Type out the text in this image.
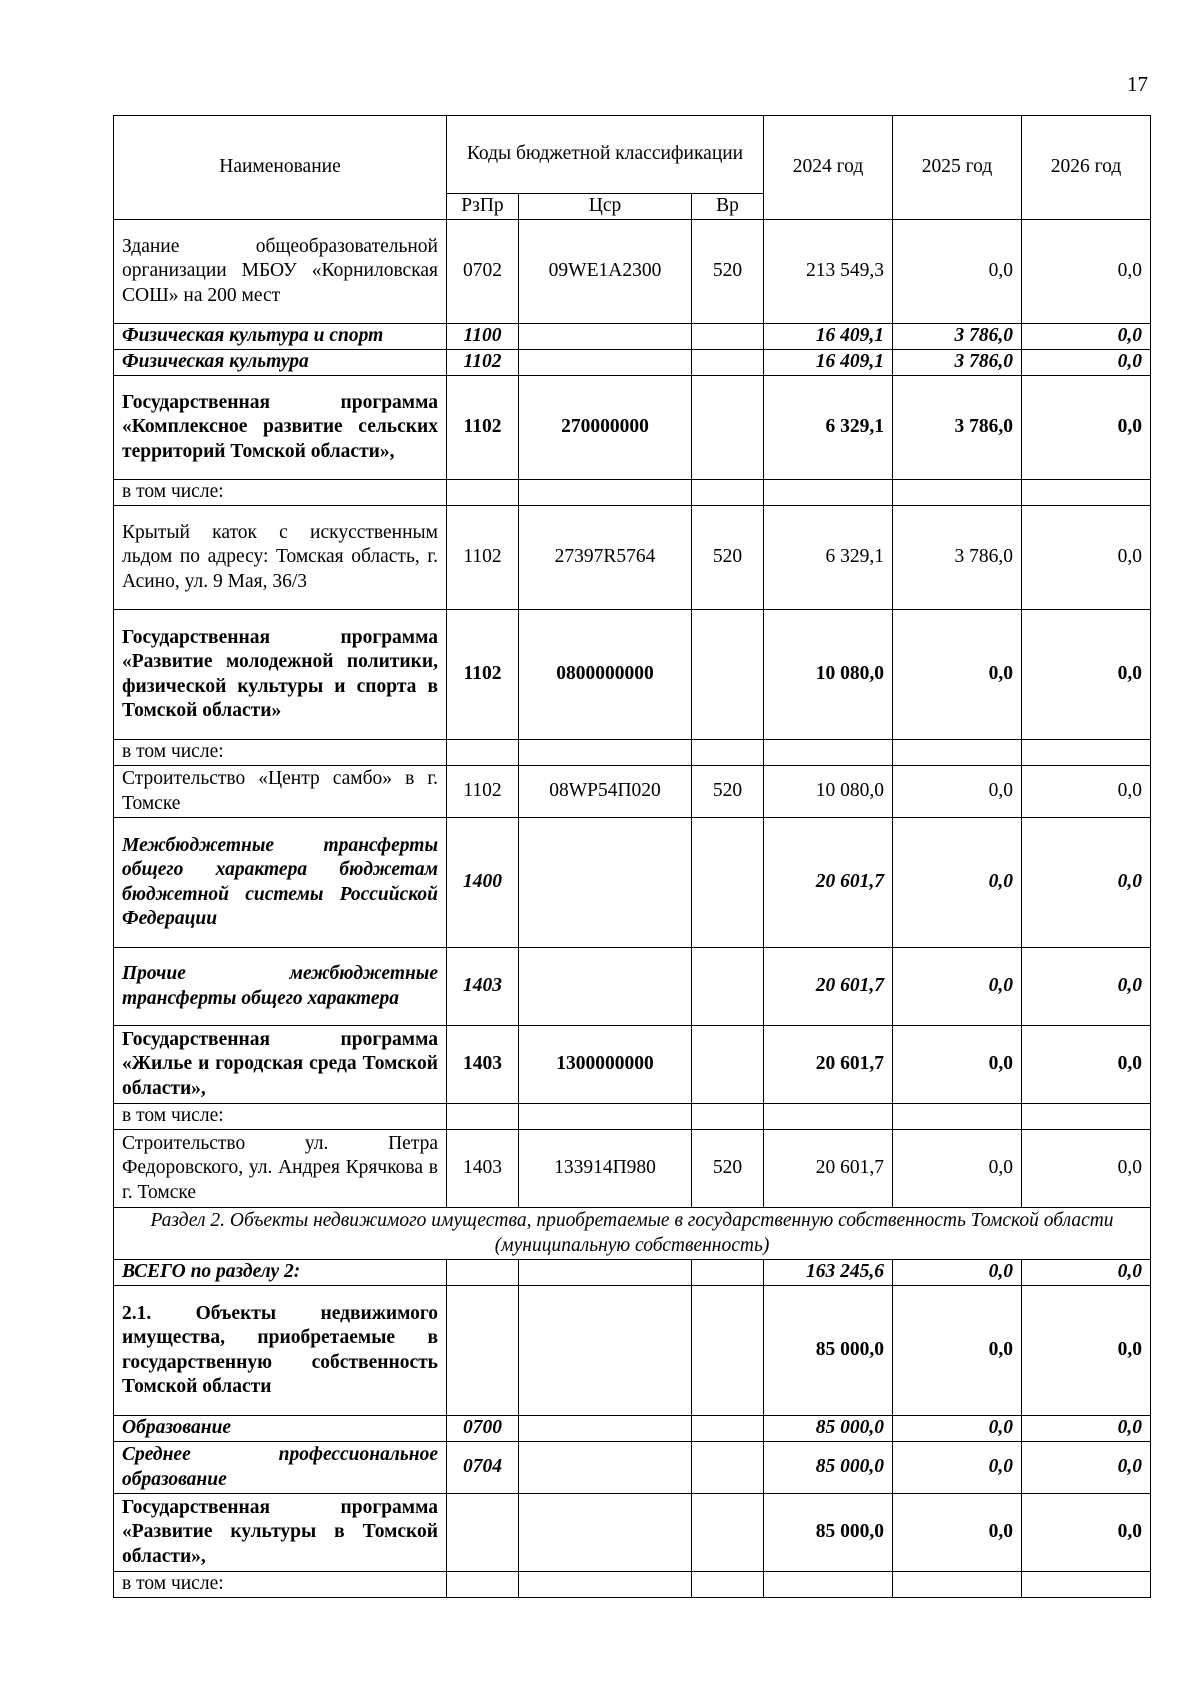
17
Наименование	Коды бюджетной классификации			2024 год	2025 год	2026 год
	РзПр	Цср	Вр			
Здание общеобразовательной организации МБОУ «Корниловская СОШ» на 200 мест	0702	09WE1A2300	520	213 549,3	0,0	0,0
Физическая культура и спорт	1100			16 409,1	3 786,0	0,0
Физическая культура	1102			16 409,1	3 786,0	0,0
Государственная программа «Комплексное развитие сельских территорий Томской области»,	1102	270000000		6 329,1	3 786,0	0,0
в том числе:						
Крытый каток с искусственным льдом по адресу: Томская область, г. Асино, ул. 9 Мая, 36/3	1102	27397R5764	520	6 329,1	3 786,0	0,0
Государственная программа «Развитие молодежной политики, физической культуры и спорта в Томской области»	1102	0800000000		10 080,0	0,0	0,0
в том числе:						
Строительство «Центр самбо» в г. Томске	1102	08WP54П020	520	10 080,0	0,0	0,0
Межбюджетные трансферты общего характера бюджетам бюджетной системы Российской Федерации	1400			20 601,7	0,0	0,0
Прочие межбюджетные трансферты общего характера	1403			20 601,7	0,0	0,0
Государственная программа «Жилье и городская среда Томской области»,	1403	1300000000		20 601,7	0,0	0,0
в том числе:						
Строительство ул. Петра Федоровского, ул. Андрея Крячкова в г. Томске	1403	133914П980	520	20 601,7	0,0	0,0
Раздел 2. Объекты недвижимого имущества, приобретаемые в государственную собственность Томской области (муниципальную собственность)						
ВСЕГО по разделу 2:				163 245,6	0,0	0,0
2.1. Объекты недвижимого имущества, приобретаемые в государственную собственность Томской области				85 000,0	0,0	0,0
Образование	0700			85 000,0	0,0	0,0
Среднее профессиональное образование	0704			85 000,0	0,0	0,0
Государственная программа «Развитие культуры в Томской области»,				85 000,0	0,0	0,0
в том числе:						
